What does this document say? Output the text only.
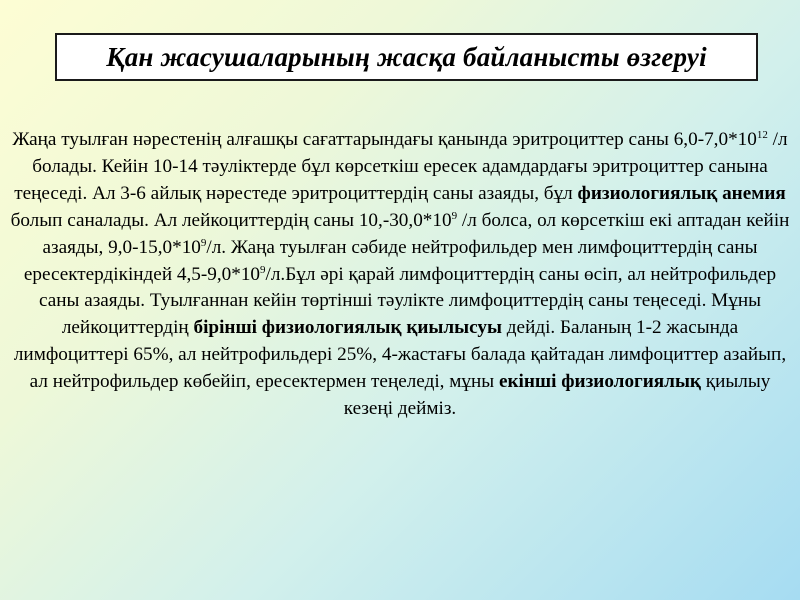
Қан жасушаларының жасқа байланысты өзгеруі

Жаңа туылған нәрестенің алғашқы сағаттарындағы қанында эритроциттер саны $6,0-7,0*10^{12}$ /л болады. Кейін 10-14 тәуліктерде бұл көрсеткіш ересек адамдардағы эритроциттер санына теңеседі. Ал 3-6 айлық нәрестеде эритроциттердің саны азаяды, бұл физиологиялық анемия болып саналады. Ал лейкоциттердің саны $10,-30,0*10^9$ /л болса, ол көрсеткіш екі аптадан кейін азаяды, $9,0-15,0*10^9/л$. Жаңа туылған сәбиде нейтрофильдер мен лимфоциттердің саны ересектердікіндей $4,5-9,0*10^9/л.Бұл$ әрі қарай лимфоциттердің саны өсіп, ал нейтрофильдер саны азаяды. Туылғаннан кейін төртінші тәулікте лимфоциттердің саны теңеседі. Мұны лейкоциттердің бірінші физиологиялық қиылысуы дейді. Баланың 1-2 жасында лимфоциттері 65%, ал нейтрофильдері 25%, 4-жастағы балада қайтадан лимфоциттер азайып, ал нейтрофильдер көбейіп, ересектермен теңеледі, мұны екінші физиологиялық қиылыу кезеңі дейміз.
